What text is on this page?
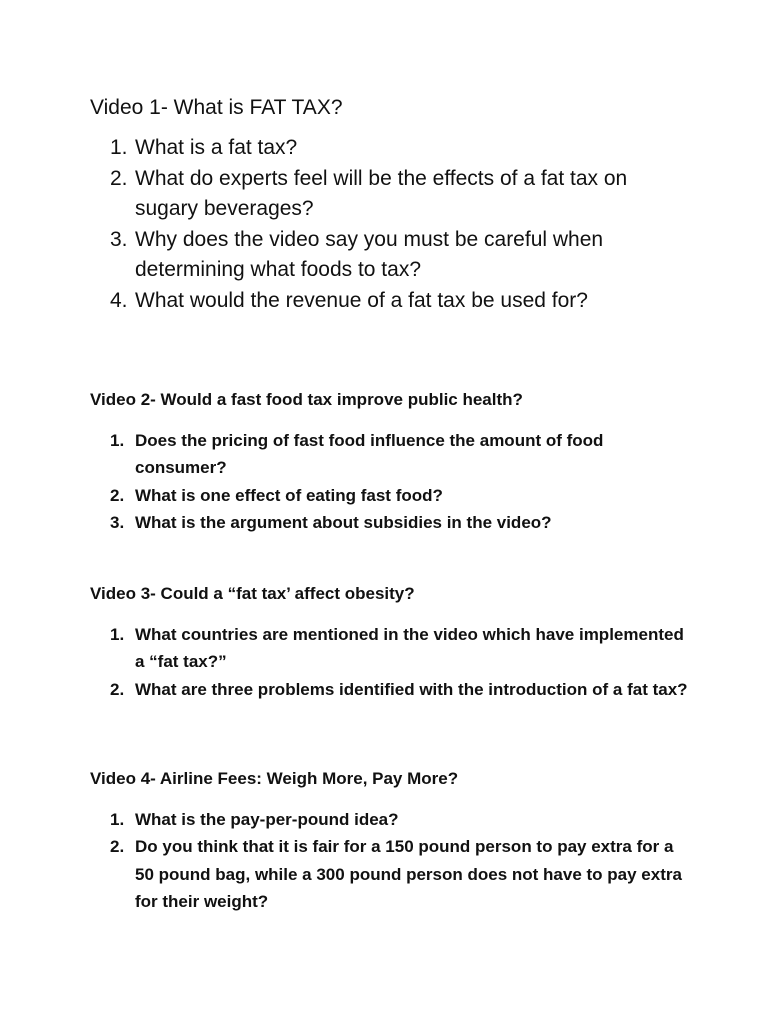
Video 1- What is FAT TAX?
1. What is a fat tax?
2. What do experts feel will be the effects of a fat tax on sugary beverages?
3. Why does the video say you must be careful when determining what foods to tax?
4. What would the revenue of a fat tax be used for?
Video 2- Would a fast food tax improve public health?
1. Does the pricing of fast food influence the amount of food consumer?
2. What is one effect of eating fast food?
3. What is the argument about subsidies in the video?
Video 3- Could a “fat tax’ affect obesity?
1. What countries are mentioned in the video which have implemented a “fat tax?”
2. What are three problems identified with the introduction of a fat tax?
Video 4- Airline Fees: Weigh More, Pay More?
1. What is the pay-per-pound idea?
2. Do you think that it is fair for a 150 pound person to pay extra for a 50 pound bag, while a 300 pound person does not have to pay extra for their weight?
